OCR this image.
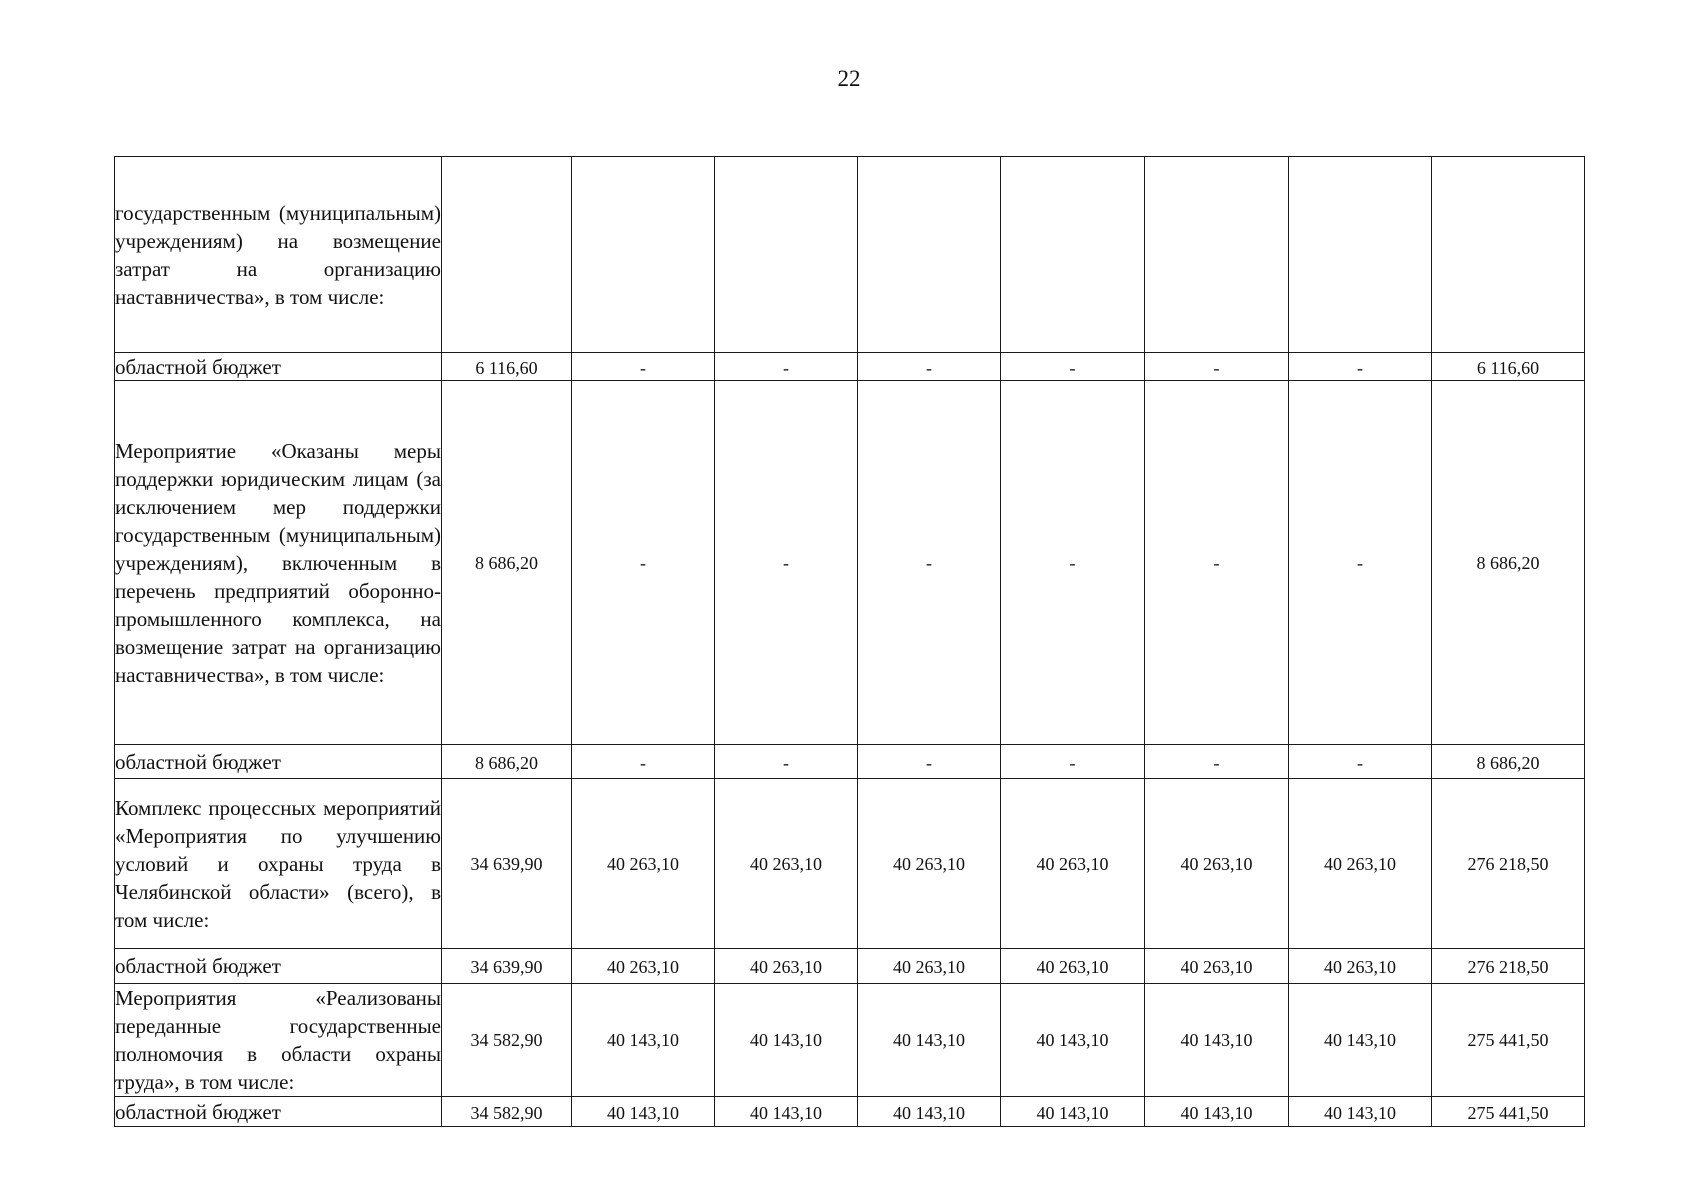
22
государственным (муниципальным) учреждениям) на возмещение затрат на организацию наставничества», в том числе:								
областной бюджет	6 116,60	-	-	-	-	-	-	6 116,60
Мероприятие «Оказаны меры поддержки юридическим лицам (за исключением мер поддержки государственным (муниципальным) учреждениям), включенным в перечень предприятий оборонно-промышленного комплекса, на возмещение затрат на организацию наставничества», в том числе:	8 686,20	-	-	-	-	-	-	8 686,20
областной бюджет	8 686,20	-	-	-	-	-	-	8 686,20
Комплекс процессных мероприятий «Мероприятия по улучшению условий и охраны труда в Челябинской области» (всего), в том числе:	34 639,90	40 263,10	40 263,10	40 263,10	40 263,10	40 263,10	40 263,10	276 218,50
областной бюджет	34 639,90	40 263,10	40 263,10	40 263,10	40 263,10	40 263,10	40 263,10	276 218,50
Мероприятия «Реализованы переданные государственные полномочия в области охраны труда», в том числе:	34 582,90	40 143,10	40 143,10	40 143,10	40 143,10	40 143,10	40 143,10	275 441,50
областной бюджет	34 582,90	40 143,10	40 143,10	40 143,10	40 143,10	40 143,10	40 143,10	275 441,50
